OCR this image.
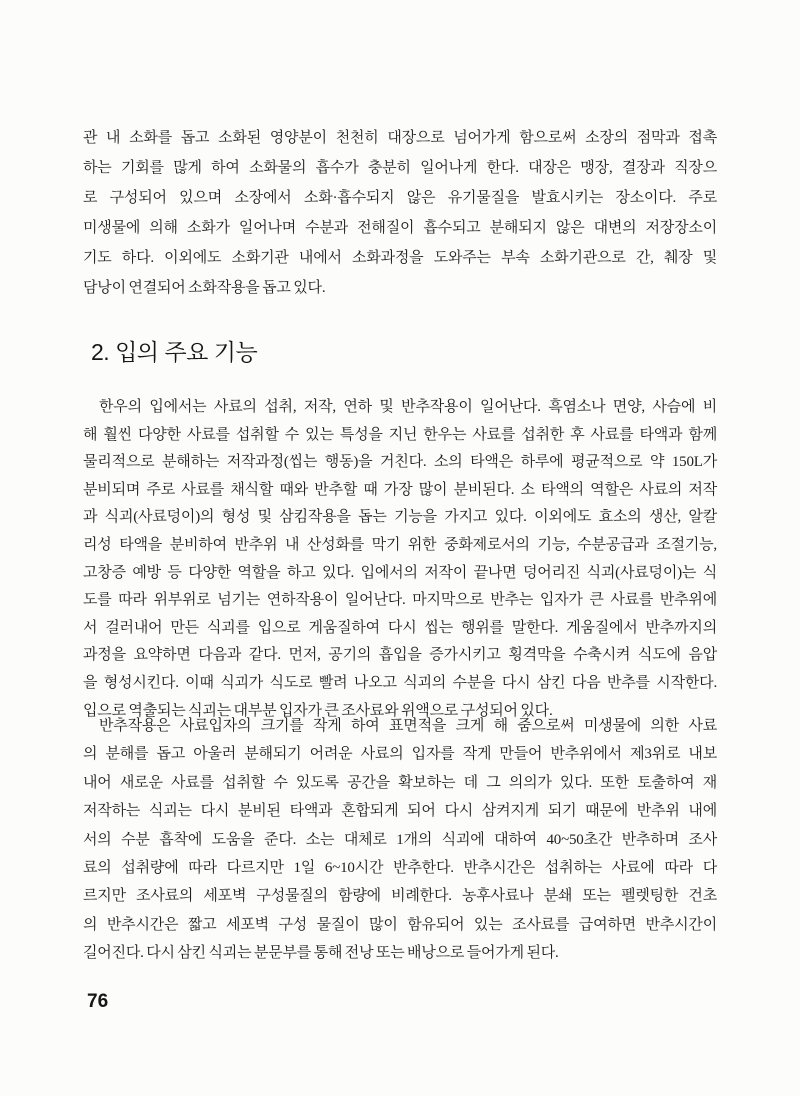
관 내 소화를 돕고 소화된 영양분이 천천히 대장으로 넘어가게 함으로써 소장의 점막과 접촉
하는 기회를 많게 하여 소화물의 흡수가 충분히 일어나게 한다. 대장은 맹장, 결장과 직장으
로 구성되어 있으며 소장에서 소화·흡수되지 않은 유기물질을 발효시키는 장소이다. 주로
미생물에 의해 소화가 일어나며 수분과 전해질이 흡수되고 분해되지 않은 대변의 저장장소이
기도 하다. 이외에도 소화기관 내에서 소화과정을 도와주는 부속 소화기관으로 간, 췌장 및
담낭이 연결되어 소화작용을 돕고 있다.
2. 입의 주요 기능
한우의 입에서는 사료의 섭취, 저작, 연하 및 반추작용이 일어난다. 흑염소나 면양, 사슴에 비
해 훨씬 다양한 사료를 섭취할 수 있는 특성을 지닌 한우는 사료를 섭취한 후 사료를 타액과 함께
물리적으로 분해하는 저작과정(씹는 행동)을 거친다. 소의 타액은 하루에 평균적으로 약 150L가
분비되며 주로 사료를 채식할 때와 반추할 때 가장 많이 분비된다. 소 타액의 역할은 사료의 저작
과 식괴(사료덩이)의 형성 및 삼킴작용을 돕는 기능을 가지고 있다. 이외에도 효소의 생산, 알칼
리성 타액을 분비하여 반추위 내 산성화를 막기 위한 중화제로서의 기능, 수분공급과 조절기능,
고창증 예방 등 다양한 역할을 하고 있다. 입에서의 저작이 끝나면 덩어리진 식괴(사료덩이)는 식
도를 따라 위부위로 넘기는 연하작용이 일어난다. 마지막으로 반추는 입자가 큰 사료를 반추위에
서 걸러내어 만든 식괴를 입으로 게움질하여 다시 씹는 행위를 말한다. 게움질에서 반추까지의
과정을 요약하면 다음과 같다. 먼저, 공기의 흡입을 증가시키고 횡격막을 수축시켜 식도에 음압
을 형성시킨다. 이때 식괴가 식도로 빨려 나오고 식괴의 수분을 다시 삼킨 다음 반추를 시작한다.
입으로 역출되는 식괴는 대부분 입자가 큰 조사료와 위액으로 구성되어 있다.
반추작용은 사료입자의 크기를 작게 하여 표면적을 크게 해 줌으로써 미생물에 의한 사료
의 분해를 돕고 아울러 분해되기 어려운 사료의 입자를 작게 만들어 반추위에서 제3위로 내보
내어 새로운 사료를 섭취할 수 있도록 공간을 확보하는 데 그 의의가 있다. 또한 토출하여 재
저작하는 식괴는 다시 분비된 타액과 혼합되게 되어 다시 삼켜지게 되기 때문에 반추위 내에
서의 수분 흡착에 도움을 준다. 소는 대체로 1개의 식괴에 대하여 40~50초간 반추하며 조사
료의 섭취량에 따라 다르지만 1일 6~10시간 반추한다. 반추시간은 섭취하는 사료에 따라 다
르지만 조사료의 세포벽 구성물질의 함량에 비례한다. 농후사료나 분쇄 또는 펠렛팅한 건초
의 반추시간은 짧고 세포벽 구성 물질이 많이 함유되어 있는 조사료를 급여하면 반추시간이
길어진다. 다시 삼킨 식괴는 분문부를 통해 전낭 또는 배낭으로 들어가게 된다.
76
